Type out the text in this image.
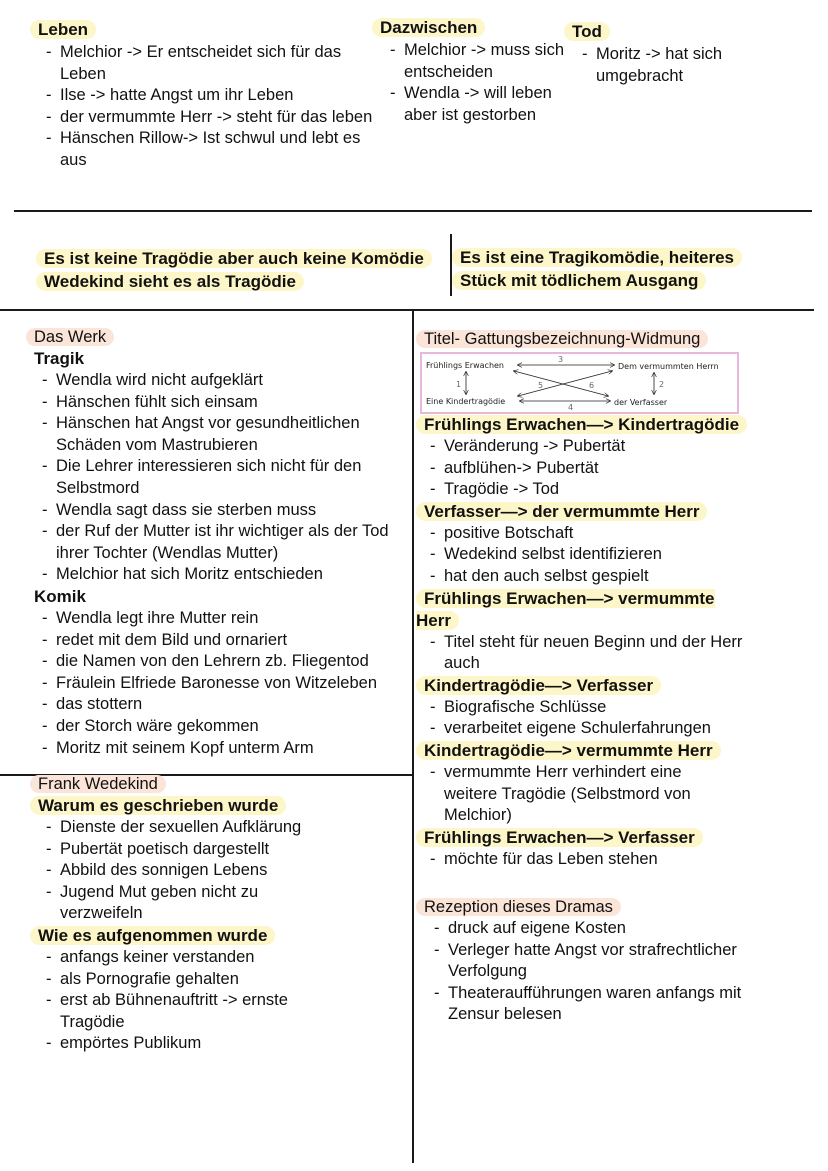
Leben
- Melchior -> Er entscheidet sich für das Leben
- Ilse -> hatte Angst um ihr Leben
- der vermummte Herr -> steht für das leben
- Hänschen Rillow-> Ist schwul und lebt es aus
Dazwischen
- Melchior -> muss sich entscheiden
- Wendla -> will leben aber ist gestorben
Tod
- Moritz -> hat sich umgebracht
Es ist keine Tragödie aber auch keine Komödie
Wedekind sieht es als Tragödie
Es ist eine Tragikomödie, heiteres
Stück mit tödlichem Ausgang
Das Werk
Tragik
- Wendla wird nicht aufgeklärt
- Hänschen fühlt sich einsam
- Hänschen hat Angst vor gesundheitlichen Schäden vom Mastrubieren
- Die Lehrer interessieren sich nicht für den Selbstmord
- Wendla sagt dass sie sterben muss
- der Ruf der Mutter ist ihr wichtiger als der Tod ihrer Tochter (Wendlas Mutter)
- Melchior hat sich Moritz entschieden
Komik
- Wendla legt ihre Mutter rein
- redet mit dem Bild und ornariert
- die Namen von den Lehrern zb. Fliegentod
- Fräulein Elfriede Baronesse von Witzeleben
- das stottern
- der Storch wäre gekommen
- Moritz mit seinem Kopf unterm Arm
Frank Wedekind
Warum es geschrieben wurde
- Dienste der sexuellen Aufklärung
- Pubertät poetisch dargestellt
- Abbild des sonnigen Lebens
- Jugend Mut geben nicht zu verzweifeln
Wie es aufgenommen wurde
- anfangs keiner verstanden
- als Pornografie gehalten
- erst ab Bühnenauftritt -> ernste Tragödie
- empörtes Publikum
Titel- Gattungsbezeichnung-Widmung
Frühlings Erwachen	Dem vermummten Herrn
Eine Kindertragödie	der Verfasser
3
1	2
4
5	6
Frühlings Erwachen—> Kindertragödie
- Veränderung -> Pubertät
- aufblühen-> Pubertät
- Tragödie -> Tod
Verfasser—> der vermummte Herr
- positive Botschaft
- Wedekind selbst identifizieren
- hat den auch selbst gespielt
Frühlings Erwachen—> vermummte Herr
- Titel steht für neuen Beginn und der Herr auch
Kindertragödie—> Verfasser
- Biografische Schlüsse
- verarbeitet eigene Schulerfahrungen
Kindertragödie—> vermummte Herr
- vermummte Herr verhindert eine weitere Tragödie (Selbstmord von Melchior)
Frühlings Erwachen—> Verfasser
- möchte für das Leben stehen
Rezeption dieses Dramas
- druck auf eigene Kosten
- Verleger hatte Angst vor strafrechtlicher Verfolgung
- Theateraufführungen waren anfangs mit Zensur belesen
